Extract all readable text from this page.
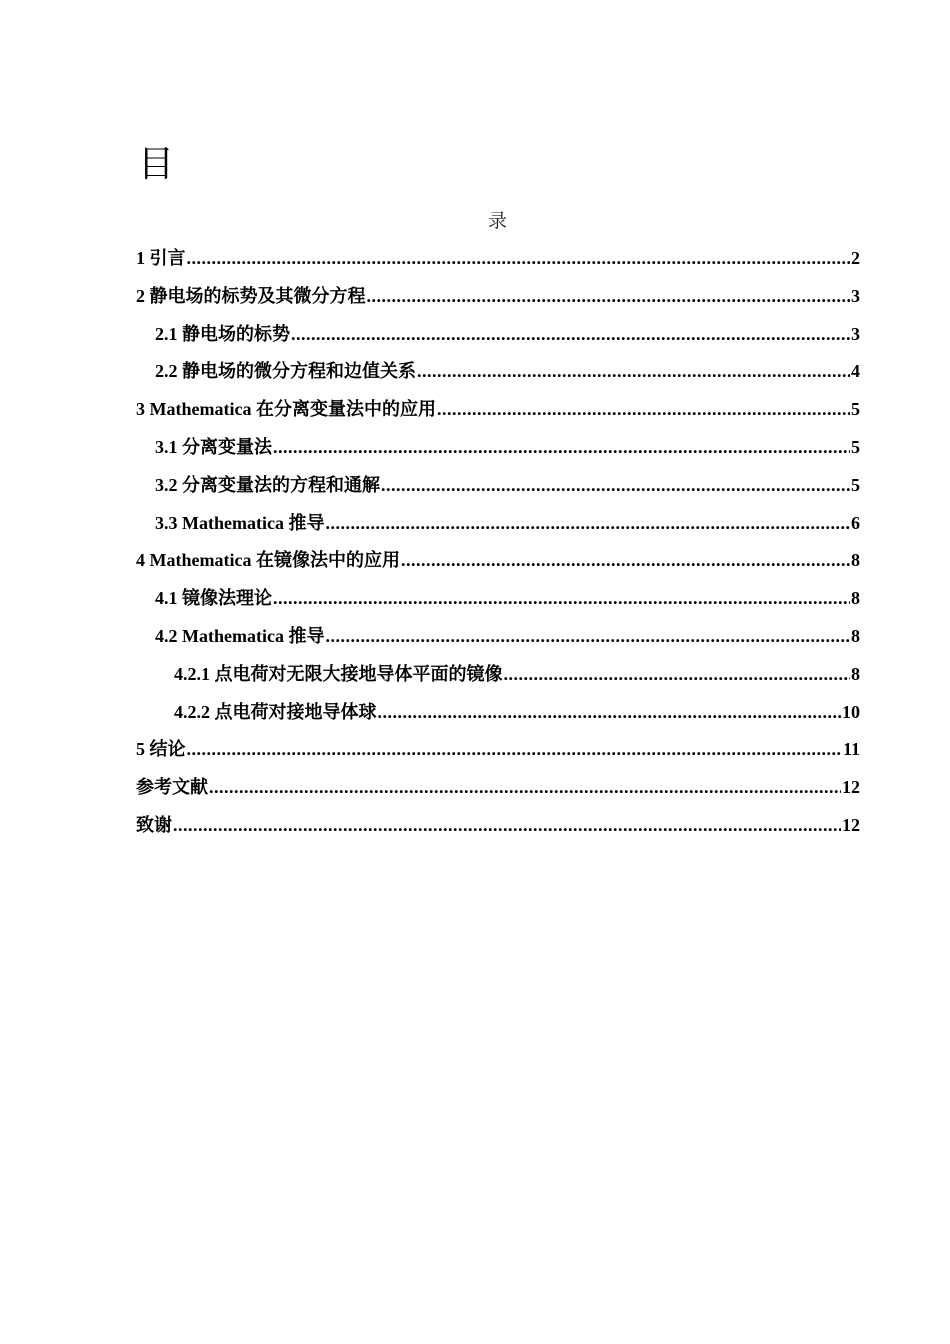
目
录
1 引言 .....	2
2 静电场的标势及其微分方程 .....	3
2.1 静电场的标势 .....	3
2.2 静电场的微分方程和边值关系 .....	4
3 Mathematica 在分离变量法中的应用 .....	5
3.1 分离变量法 .....	5
3.2 分离变量法的方程和通解 .....	5
3.3 Mathematica 推导 .....	6
4 Mathematica 在镜像法中的应用 .....	8
4.1 镜像法理论 .....	8
4.2 Mathematica 推导 .....	8
4.2.1 点电荷对无限大接地导体平面的镜像 .....	8
4.2.2 点电荷对接地导体球 .....	10
5 结论 .....	11
参考文献 .....	12
致谢 .....	12
